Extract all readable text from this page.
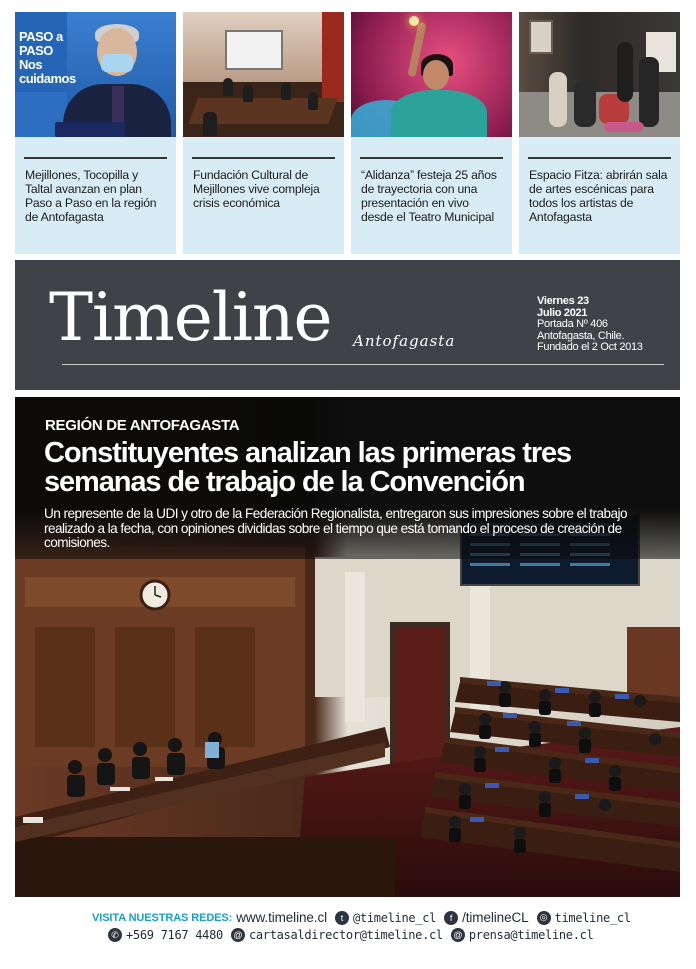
PASO a PASO Nos cuidamos
Mejillones, Tocopilla y Taltal avanzan en plan Paso a Paso en la región de Antofagasta
Fundación Cultural de Mejillones vive compleja crisis económica
“Alidanza” festeja 25 años de trayectoria con una presentación en vivo desde el Teatro Municipal
Espacio Fitza: abrirán sala de artes escénicas para todos los artistas de Antofagasta
Timeline Antofagasta
Viernes 23
Julio 2021
Portada Nº 406
Antofagasta, Chile.
Fundado el 2 Oct 2013
REGIÓN DE ANTOFAGASTA
Constituyentes analizan las primeras tres semanas de trabajo de la Convención
Un represente de la UDI y otro de la Federación Regionalista, entregaron sus impresiones sobre el trabajo realizado a la fecha, con opiniones divididas sobre el tiempo que está tomando el proceso de creación de comisiones.
VISITA NUESTRAS REDES: www.timeline.cl	t @timeline_cl	f /timelineCL	◎ timeline_cl
✆ +569 7167 4480 @ cartasaldirector@timeline.cl @ prensa@timeline.cl
